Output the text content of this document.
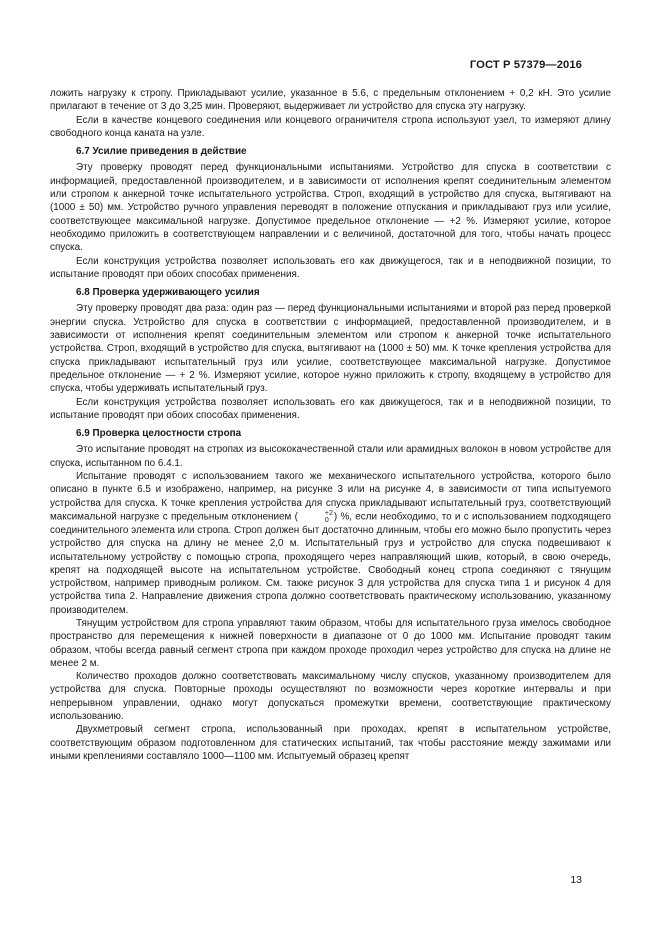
ГОСТ Р 57379—2016

ложить нагрузку к стропу. Прикладывают усилие, указанное в 5.6, с предельным отклонением + 0,2 кН. Это усилие прилагают в течение от 3 до 3,25 мин. Проверяют, выдерживает ли устройство для спуска эту нагрузку.

Если в качестве концевого соединения или концевого ограничителя стропа используют узел, то измеряют длину свободного конца каната на узле.

6.7 Усилие приведения в действие

Эту проверку проводят перед функциональными испытаниями. Устройство для спуска в соответствии с информацией, предоставленной производителем, и в зависимости от исполнения крепят соединительным элементом или стропом к анкерной точке испытательного устройства. Строп, входящий в устройство для спуска, вытягивают на (1000 ± 50) мм. Устройство ручного управления переводят в положение отпускания и прикладывают груз или усилие, соответствующее максимальной нагрузке. Допустимое предельное отклонение — +2 %. Измеряют усилие, которое необходимо приложить в соответствующем направлении и с величиной, достаточной для того, чтобы начать процесс спуска.

Если конструкция устройства позволяет использовать его как движущегося, так и в неподвижной позиции, то испытание проводят при обоих способах применения.

6.8 Проверка удерживающего усилия

Эту проверку проводят два раза: один раз — перед функциональными испытаниями и второй раз перед проверкой энергии спуска. Устройство для спуска в соответствии с информацией, предоставленной производителем, и в зависимости от исполнения крепят соединительным элементом или стропом к анкерной точке испытательного устройства. Строп, входящий в устройство для спуска, вытягивают на (1000 ± 50) мм. К точке крепления устройства для спуска прикладывают испытательный груз или усилие, соответствующее максимальной нагрузке. Допустимое предельное отклонение — + 2 %. Измеряют усилие, которое нужно приложить к стропу, входящему в устройство для спуска, чтобы удерживать испытательный груз.

Если конструкция устройства позволяет использовать его как движущегося, так и в неподвижной позиции, то испытание проводят при обоих способах применения.

6.9 Проверка целостности стропа

Это испытание проводят на стропах из высококачественной стали или арамидных волокон в новом устройстве для спуска, испытанном по 6.4.1.

Испытание проводят с использованием такого же механического испытательного устройства, которого было описано в пункте 6.5 и изображено, например, на рисунке 3 или на рисунке 4, в зависимости от типа испытуемого устройства для спуска. К точке крепления устройства для спуска прикладывают испытательный груз, соответствующий максимальной нагрузке с предельным отклонением (	+2
0 ) %, если необходимо, то и с использованием подходящего соединительного элемента или стропа. Строп должен быт достаточно длинным, чтобы его можно было пропустить через устройство для спуска на длину не менее 2,0 м. Испытательный груз и устройство для спуска подвешивают к испытательному устройству с помощью стропа, проходящего через направляющий шкив, который, в свою очередь, крепят на подходящей высоте на испытательном устройстве. Свободный конец стропа соединяют с тянущим устройством, например приводным роликом. См. также рисунок 3 для устройства для спуска типа 1 и рисунок 4 для устройства типа 2. Направление движения стропа должно соответствовать практическому использованию, указанному производителем.

Тянущим устройством для стропа управляют таким образом, чтобы для испытательного груза имелось свободное пространство для перемещения к нижней поверхности в диапазоне от 0 до 1000 мм. Испытание проводят таким образом, чтобы всегда равный сегмент стропа при каждом проходе проходил через устройство для спуска на длине не менее 2 м.

Количество проходов должно соответствовать максимальному числу спусков, указанному производителем для устройства для спуска. Повторные проходы осуществляют по возможности через короткие интервалы и при непрерывном управлении, однако могут допускаться промежутки времени, соответствующие практическому использованию.

Двухметровый сегмент стропа, использованный при проходах, крепят в испытательном устройстве, соответствующим образом подготовленном для статических испытаний, так чтобы расстояние между зажимами или иными креплениями составляло 1000—1100 мм. Испытуемый образец крепят

13
